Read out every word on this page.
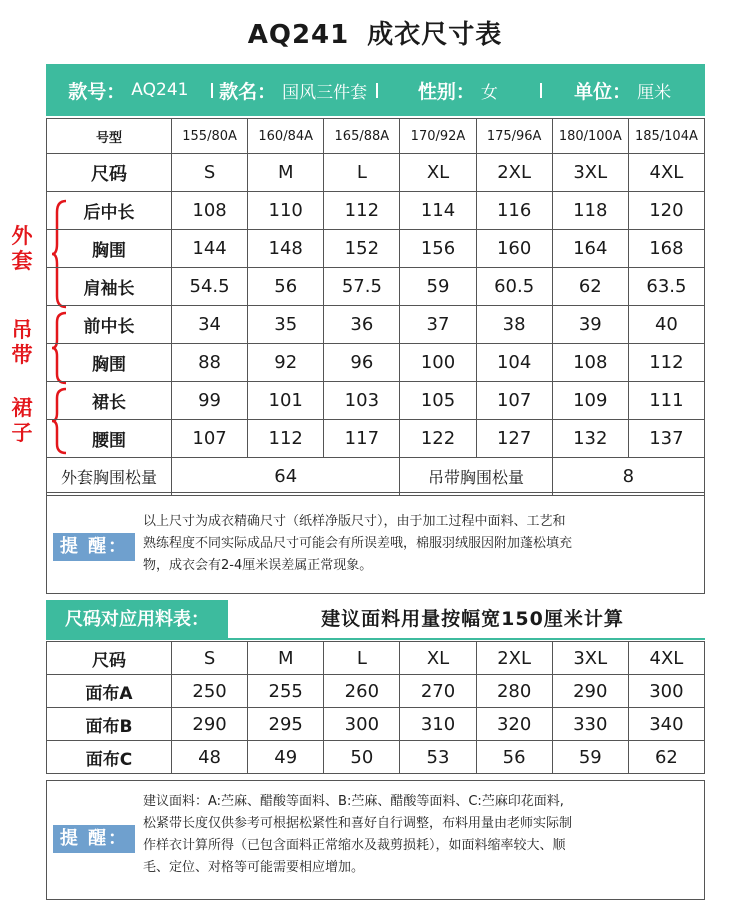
AQ241 成衣尺寸表
款号： AQ241 款名： 国风三件套	性别： 女	单位： 厘米
外
套
吊
带
裙
子
号型	155/80A	160/84A	165/88A	170/92A	175/96A	180/100A	185/104A
尺码	S	M	L	XL	2XL	3XL	4XL
后中长	108	110	112	114	116	118	120
胸围	144	148	152	156	160	164	168
肩袖长	54.5	56	57.5	59	60.5	62	63.5
前中长	34	35	36	37	38	39	40
胸围	88	92	96	100	104	108	112
裙长	99	101	103	105	107	109	111
腰围	107	112	117	122	127	132	137
外套胸围松量	64			吊带胸围松量		8	
提 醒：
以上尺寸为成衣精确尺寸（纸样净版尺寸），由于加工过程中面料、工艺和
熟练程度不同实际成品尺寸可能会有所误差哦，棉服羽绒服因附加蓬松填充
物，成衣会有2-4厘米误差属正常现象。
尺码对应用料表：	建议面料用量按幅宽150厘米计算
尺码	S	M	L	XL	2XL	3XL	4XL
面布A	250	255	260	270	280	290	300
面布B	290	295	300	310	320	330	340
面布C	48	49	50	53	56	59	62
提 醒：
建议面料：A:苎麻、醋酸等面料、B:苎麻、醋酸等面料、C:苎麻印花面料,
松紧带长度仅供参考可根据松紧性和喜好自行调整，布料用量由老师实际制
作样衣计算所得（已包含面料正常缩水及裁剪损耗），如面料缩率较大、顺
毛、定位、对格等可能需要相应增加。
